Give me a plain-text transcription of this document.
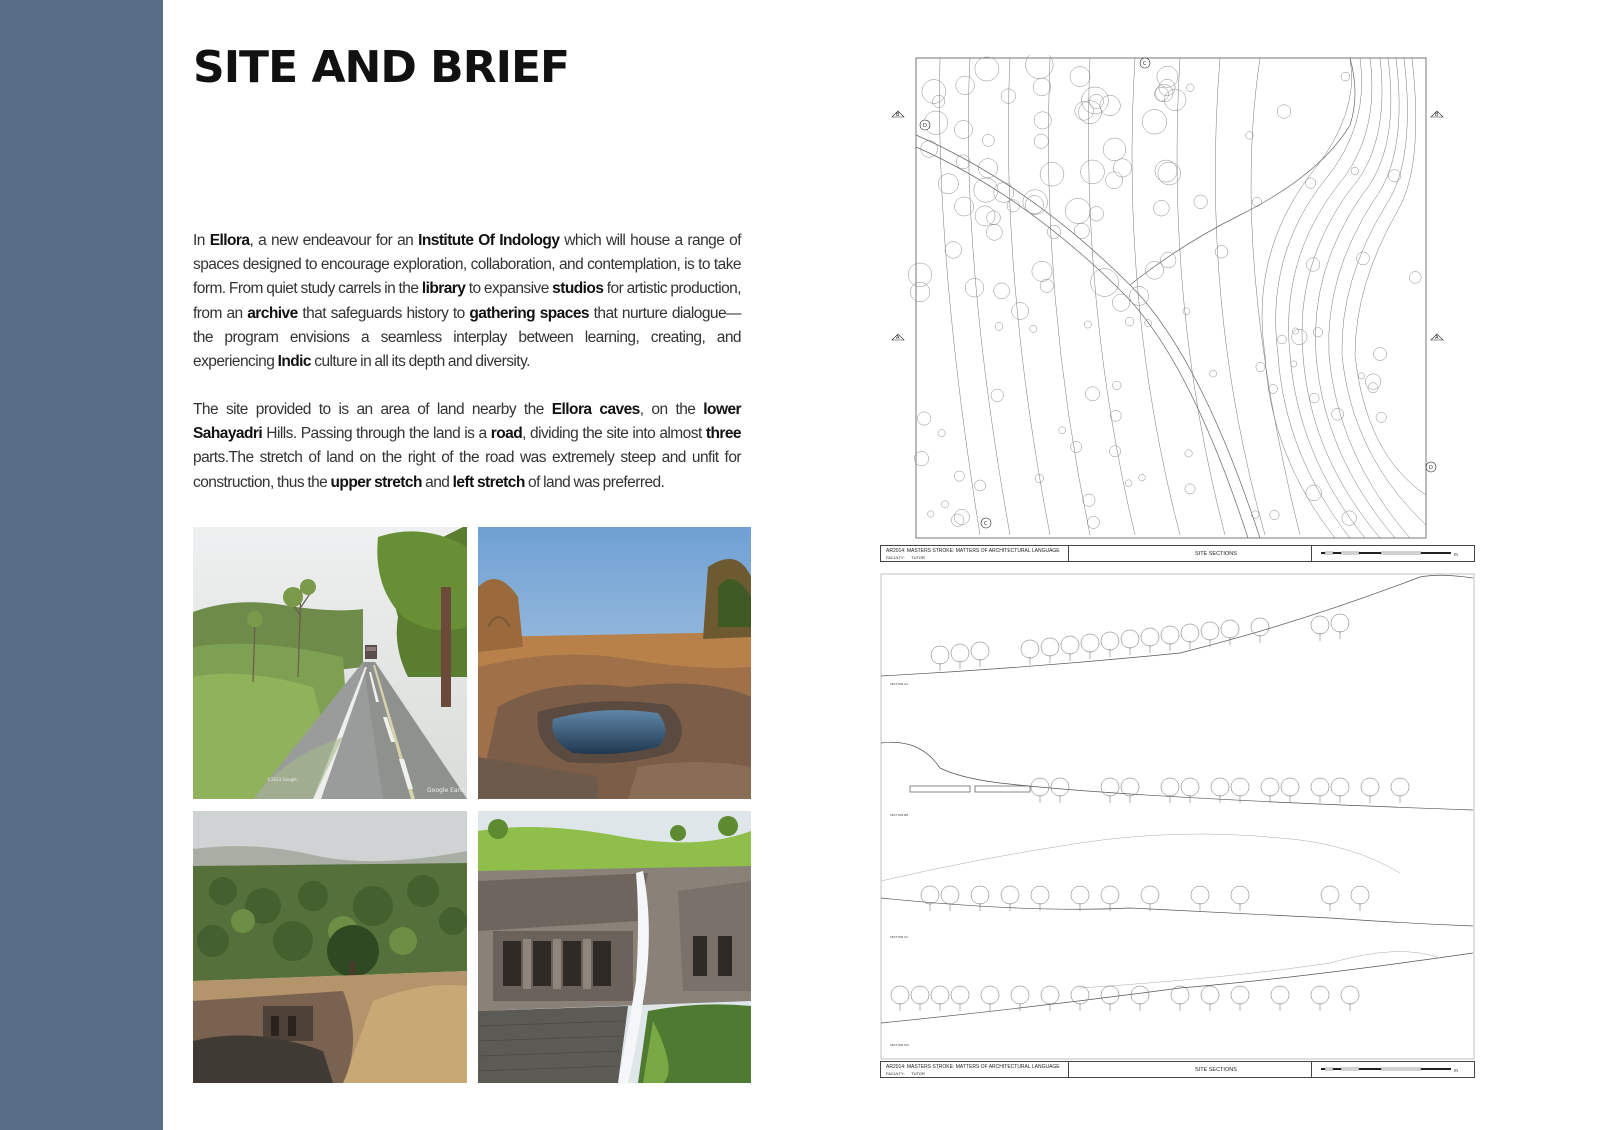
SITE AND BRIEF

In Ellora, a new endeavour for an Institute Of Indology which will house a range of spaces designed to encourage exploration, collaboration, and contemplation, is to take form. From quiet study carrels in the library to expansive studios for artistic production, from an archive that safeguards history to gathering spaces that nurture dialogue—the program envisions a seamless interplay between learning, creating, and experiencing Indic culture in all its depth and diversity.

The site provided to is an area of land nearby the Ellora caves, on the lower Sahayadri Hills. Passing through the land is a road, dividing the site into almost three parts.The stretch of land on the right of the road was extremely steep and unfit for construction, thus the upper stretch and left stretch of land was preferred.

©2023 Google
Google Earth
B	B
A	A
C
C
D
D
AR2014: MASTERS STROKE: MATTERS OF ARCHITECTURAL LANGUAGE
FACULTY:      TUTOR
SITE SECTIONS	m
SECTION AA
SECTION BB
SECTION CC
SECTION DD
AR2014: MASTERS STROKE: MATTERS OF ARCHITECTURAL LANGUAGE
FACULTY:      TUTOR
SITE SECTIONS	m
